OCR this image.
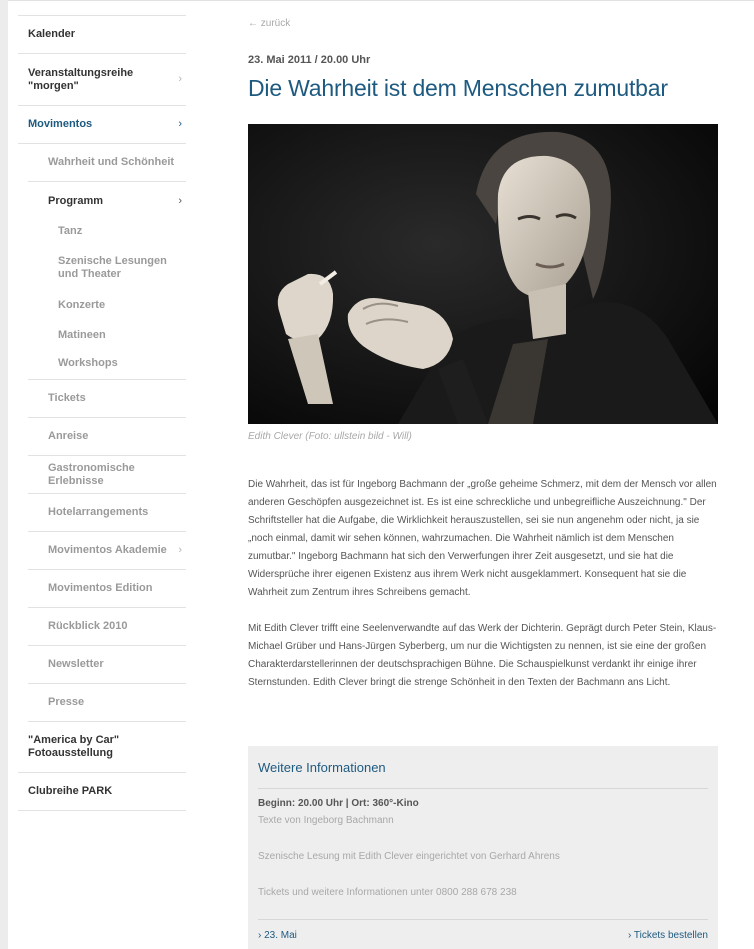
Kalender
Veranstaltungsreihe "morgen"
›
Movimentos	›
Wahrheit und Schönheit
Programm	›
Tanz
Szenische Lesungen und Theater
Konzerte
Matineen
Workshops
Tickets
Anreise
Gastronomische Erlebnisse
Hotelarrangements
Movimentos Akademie ›
Movimentos Edition
Rückblick 2010
Newsletter
Presse
"America by Car" Fotoausstellung
Clubreihe PARK
← zurück
23. Mai 2011 / 20.00 Uhr
Die Wahrheit ist dem Menschen zumutbar
Edith Clever (Foto: ullstein bild - Will)

Die Wahrheit, das ist für Ingeborg Bachmann der „große geheime Schmerz, mit dem der Mensch vor allen anderen Geschöpfen ausgezeichnet ist. Es ist eine schreckliche und unbegreifliche Auszeichnung." Der Schriftsteller hat die Aufgabe, die Wirklichkeit herauszustellen, sei sie nun angenehm oder nicht, ja sie „noch einmal, damit wir sehen können, wahrzumachen. Die Wahrheit nämlich ist dem Menschen zumutbar." Ingeborg Bachmann hat sich den Verwerfungen ihrer Zeit ausgesetzt, und sie hat die Widersprüche ihrer eigenen Existenz aus ihrem Werk nicht ausgeklammert. Konsequent hat sie die Wahrheit zum Zentrum ihres Schreibens gemacht.

Mit Edith Clever trifft eine Seelenverwandte auf das Werk der Dichterin. Geprägt durch Peter Stein, Klaus-Michael Grüber und Hans-Jürgen Syberberg, um nur die Wichtigsten zu nennen, ist sie eine der großen Charakterdarstellerinnen der deutschsprachigen Bühne. Die Schauspielkunst verdankt ihr einige ihrer Sternstunden. Edith Clever bringt die strenge Schönheit in den Texten der Bachmann ans Licht.

Weitere Informationen
Beginn: 20.00 Uhr | Ort: 360°-Kino
Texte von Ingeborg Bachmann
Szenische Lesung mit Edith Clever eingerichtet von Gerhard Ahrens
Tickets und weitere Informationen unter 0800 288 678 238
› 23. Mai	› Tickets bestellen
